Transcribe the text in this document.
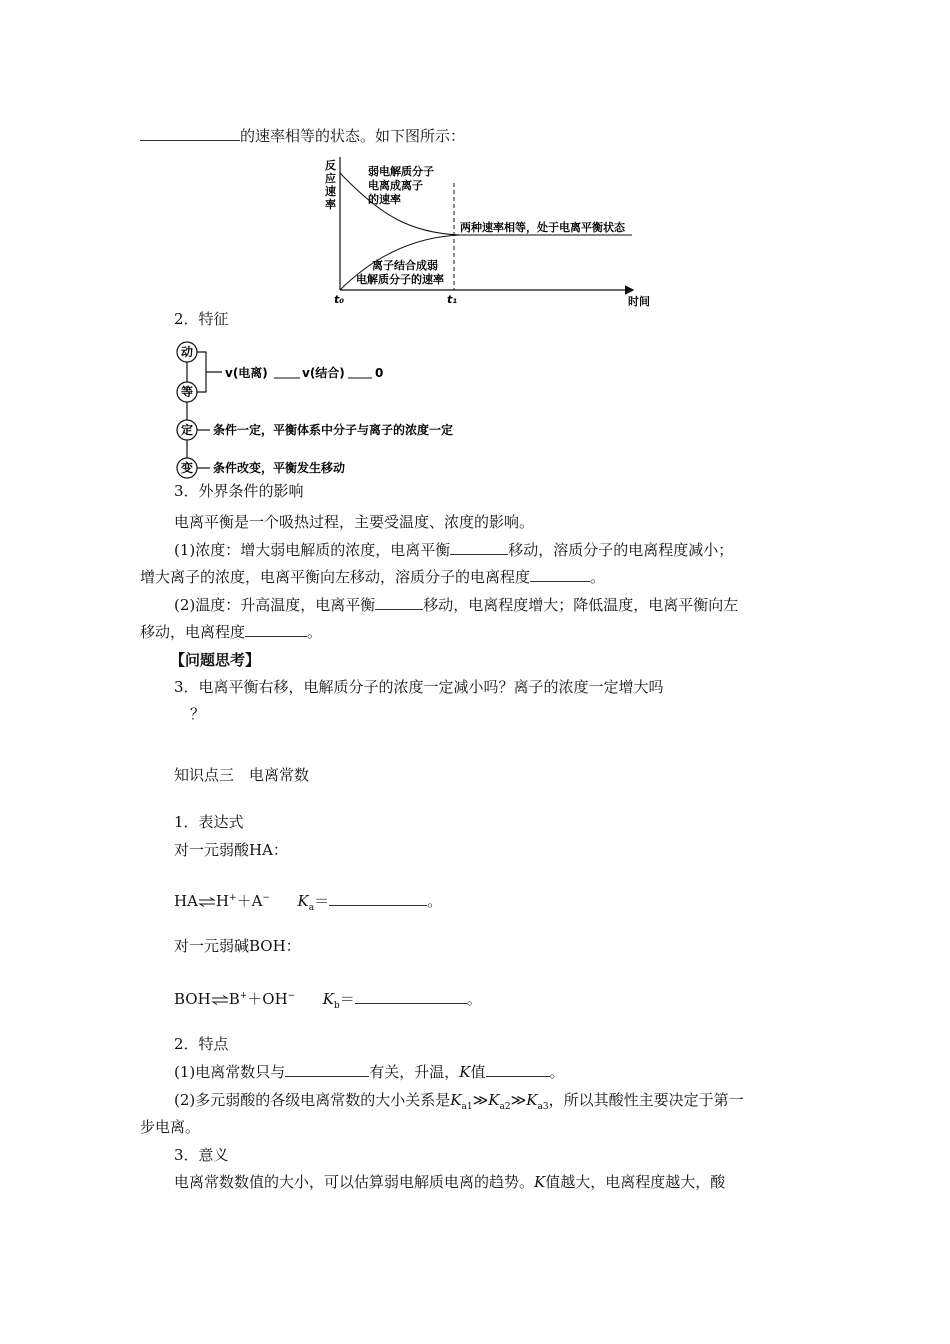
的速率相等的状态。如下图所示：
反
应
速
率
弱电解质分子
电离成离子
的速率
两种速率相等，处于电离平衡状态
离子结合成弱
电解质分子的速率
t₀	t₁	时间
2．特征
动
等
定
变
v(电离)	v(结合)	0
条件一定，平衡体系中分子与离子的浓度一定
条件改变，平衡发生移动
3．外界条件的影响
电离平衡是一个吸热过程，主要受温度、浓度的影响。
(1)浓度：增大弱电解质的浓度，电离平衡	移动，溶质分子的电离程度减小；
增大离子的浓度，电离平衡向左移动，溶质分子的电离程度	。
(2)温度：升高温度，电离平衡	移动，电离程度增大；降低温度，电离平衡向左
移动，电离程度	。
【问题思考】
3．电离平衡右移，电解质分子的浓度一定减小吗？离子的浓度一定增大吗
？
知识点三　电离常数
1．表达式
对一元弱酸HA：
HA⇌H+＋A− $K_a=$	。
对一元弱碱BOH：
BOH⇌B+＋OH− $K_b=$	。
2．特点
(1)电离常数只与	有关，升温，K值	。
(2)多元弱酸的各级电离常数的大小关系是$K_{a1}≫K_{a2}≫K_{a3}$，所以其酸性主要决定于第一
步电离。
3．意义
电离常数数值的大小，可以估算弱电解质电离的趋势。K值越大，电离程度越大，酸
